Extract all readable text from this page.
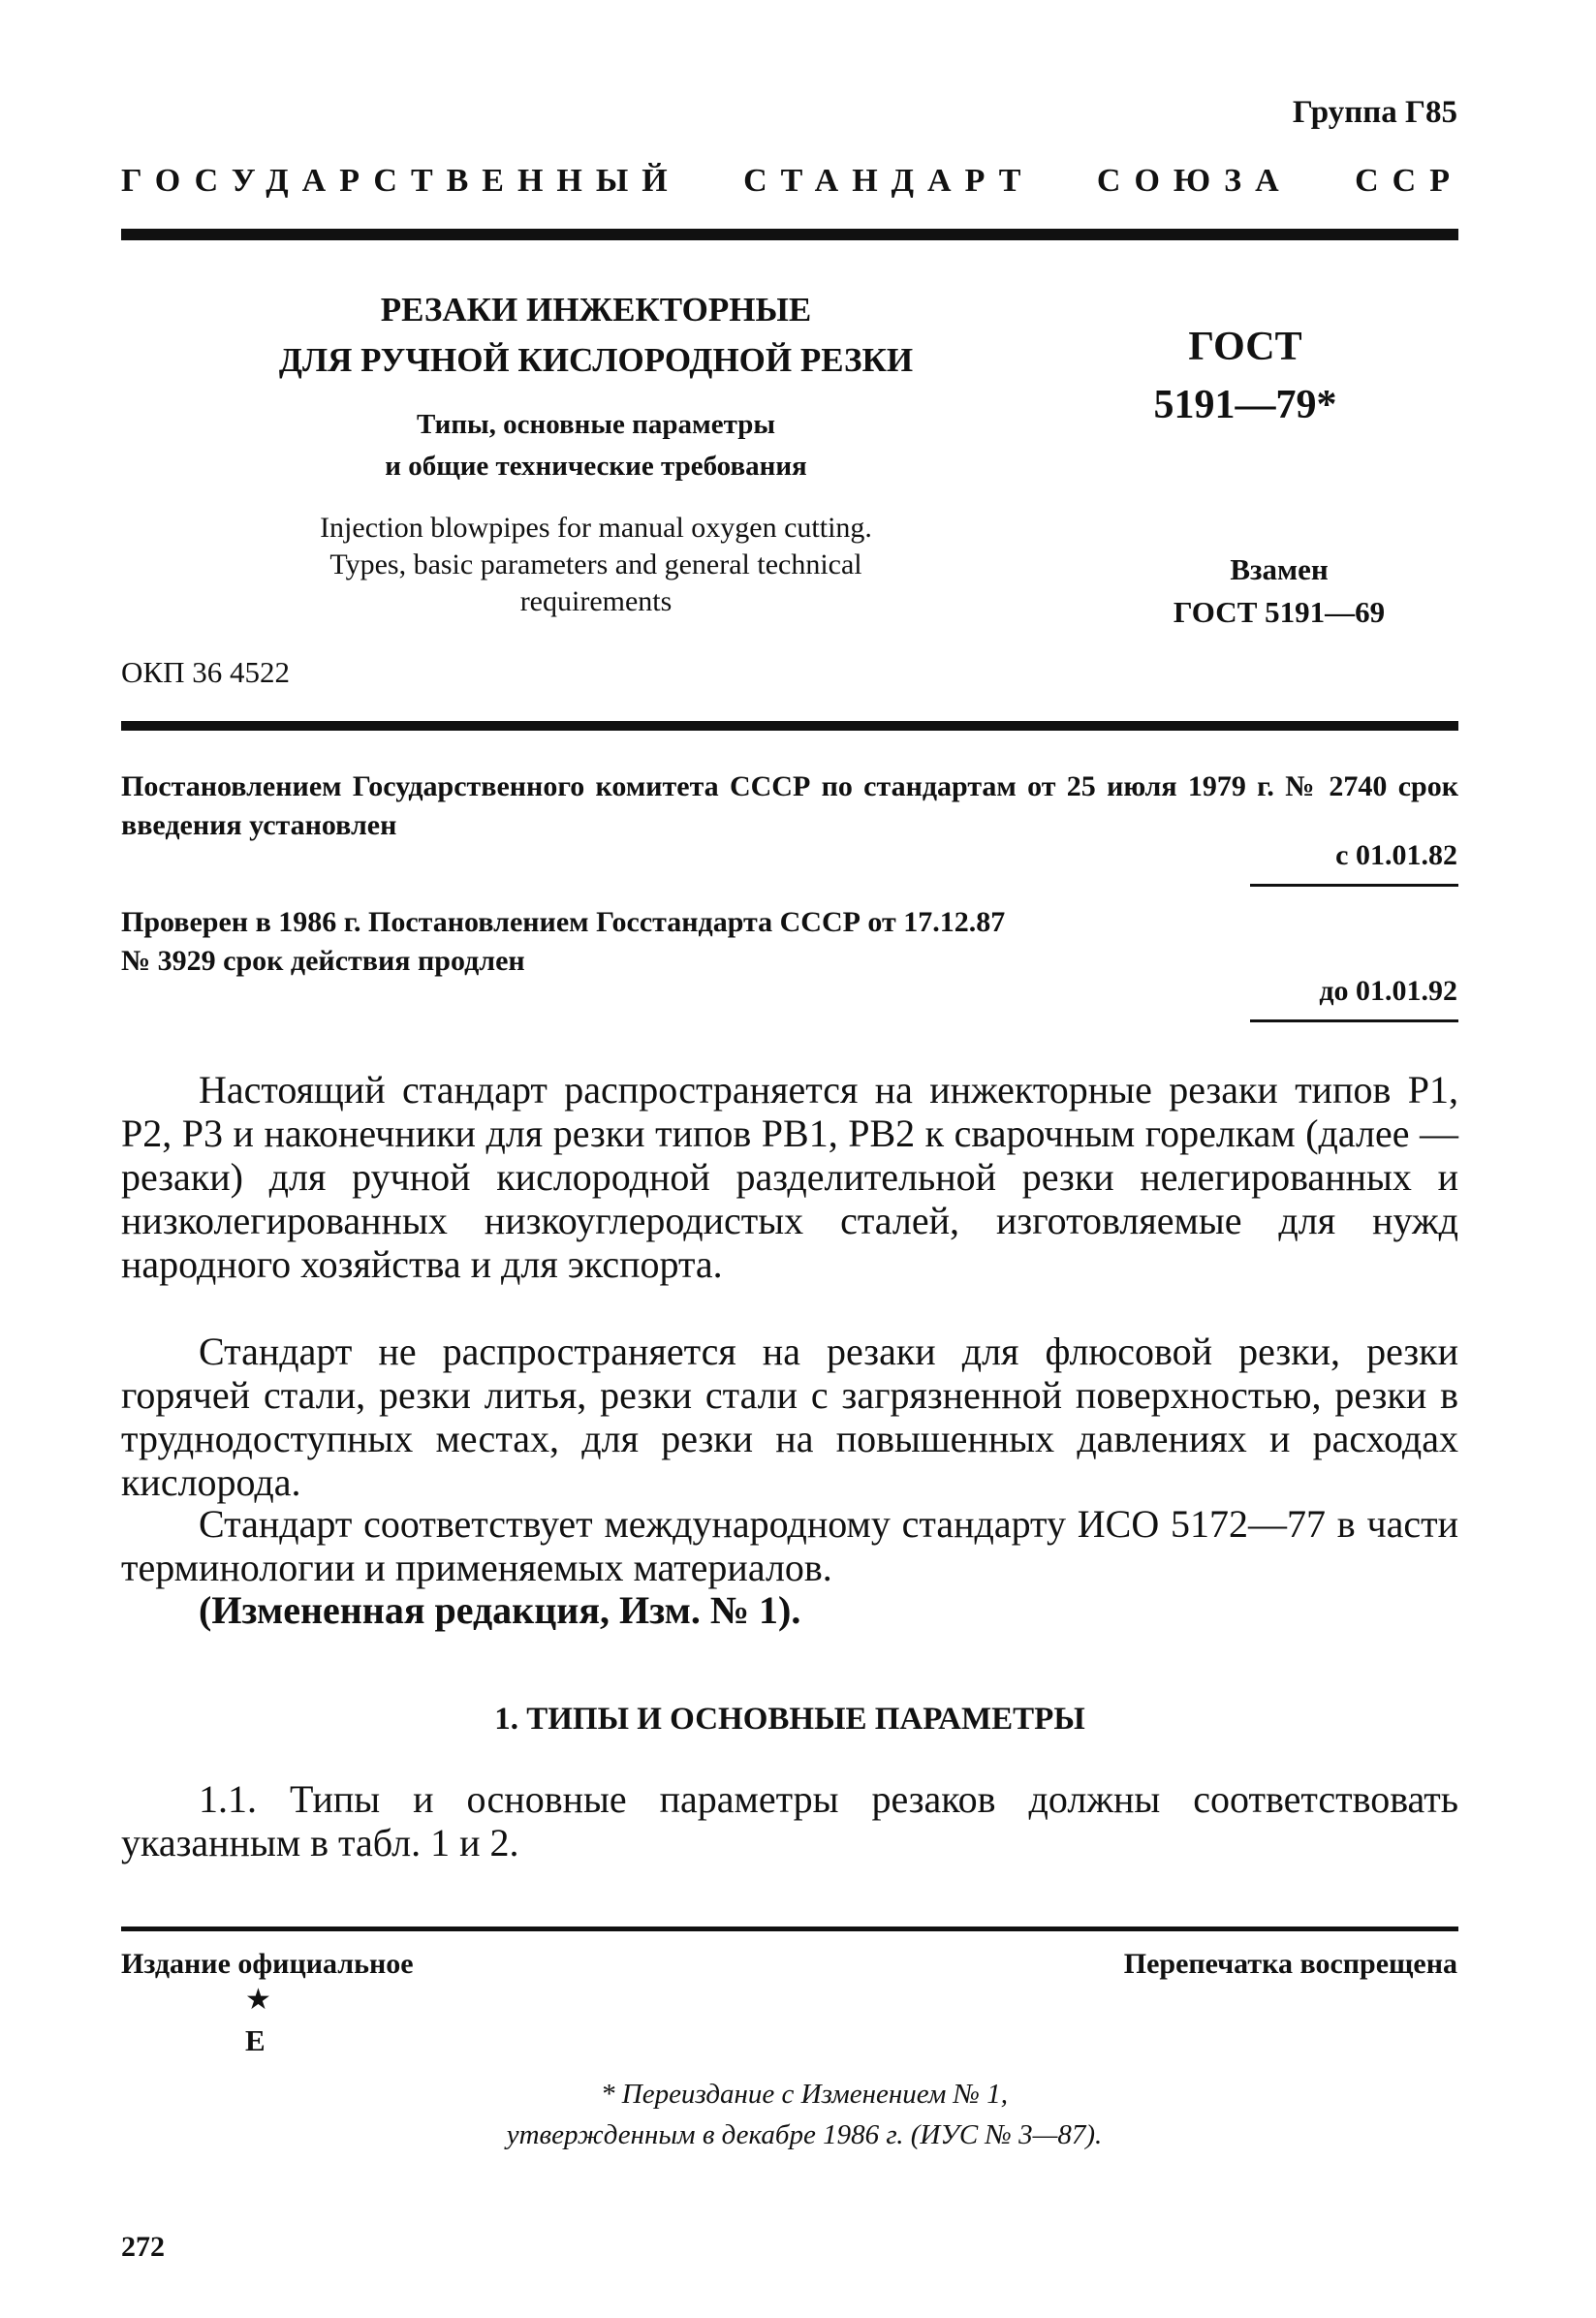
Группа Г85
ГОСУДАРСТВЕННЫЙ СТАНДАРТ СОЮЗА ССР
РЕЗАКИ ИНЖЕКТОРНЫЕ
ДЛЯ РУЧНОЙ КИСЛОРОДНОЙ РЕЗКИ
Типы, основные параметры
и общие технические требования
Injection blowpipes for manual oxygen cutting.
Types, basic parameters and general technical
requirements
ГОСТ
5191—79*
Взамен
ГОСТ 5191—69
ОКП 36 4522
Постановлением Государственного комитета СССР по стандартам от 25 июля 1979 г. № 2740 срок введения установлен
с 01.01.82
Проверен в 1986 г. Постановлением Госстандарта СССР от 17.12.87
№ 3929 срок действия продлен
до 01.01.92
Настоящий стандарт распространяется на инжекторные резаки типов Р1, Р2, Р3 и наконечники для резки типов РВ1, РВ2 к сварочным горелкам (далее — резаки) для ручной кислородной разделительной резки нелегированных и низколегированных низкоуглеродистых сталей, изготовляемые для нужд народного хозяйства и для экспорта.
Стандарт не распространяется на резаки для флюсовой резки, резки горячей стали, резки литья, резки стали с загрязненной поверхностью, резки в труднодоступных местах, для резки на повышенных давлениях и расходах кислорода.
Стандарт соответствует международному стандарту ИСО 5172—77 в части терминологии и применяемых материалов.
(Измененная редакция, Изм. № 1).
1. ТИПЫ И ОСНОВНЫЕ ПАРАМЕТРЫ
1.1. Типы и основные параметры резаков должны соответствовать указанным в табл. 1 и 2.
Издание официальное	Перепечатка воспрещена
★
Е
* Переиздание с Изменением № 1,
утвержденным в декабре 1986 г. (ИУС № 3—87).
272
